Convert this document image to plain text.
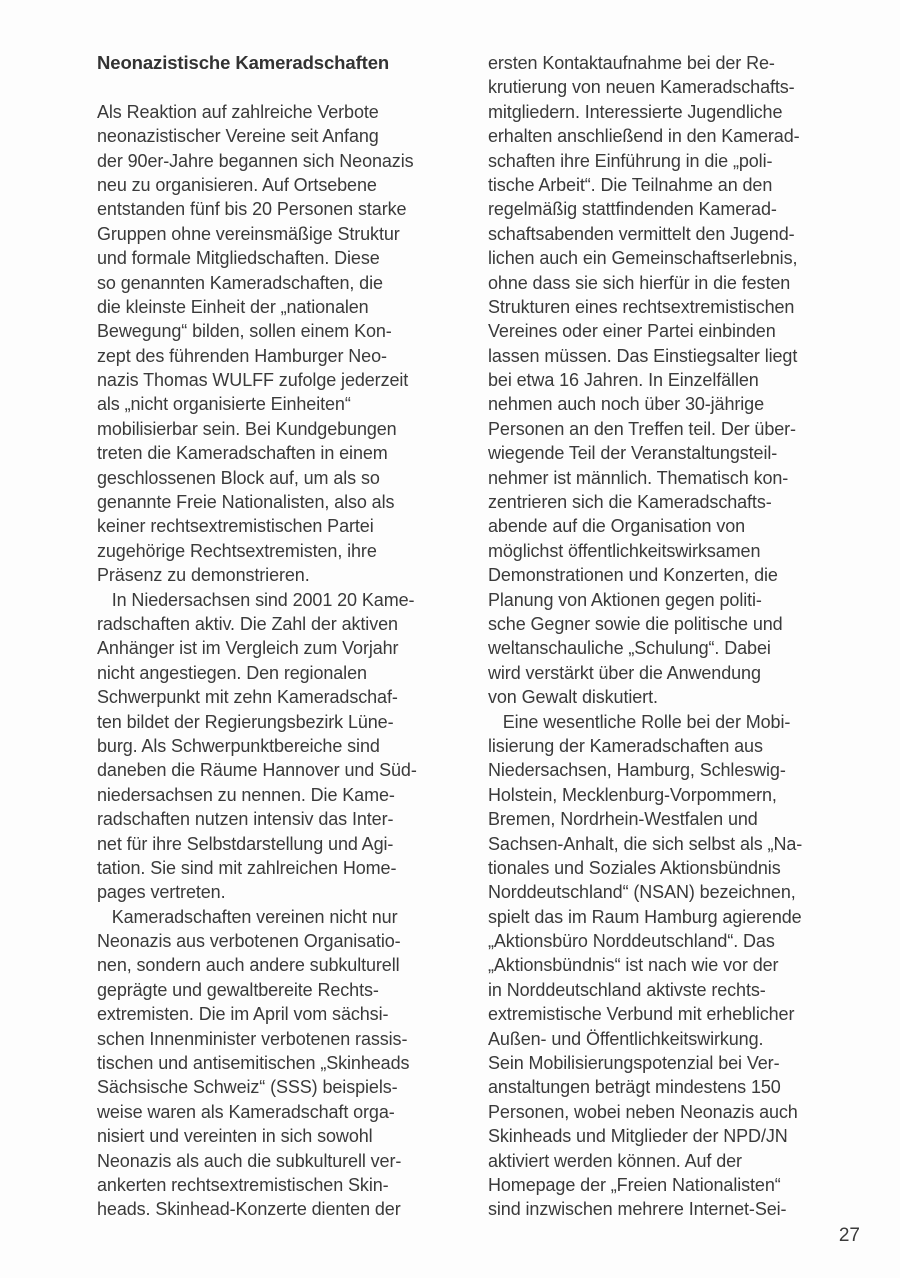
Neonazistische Kameradschaften
Als Reaktion auf zahlreiche Verbote
neonazistischer Vereine seit Anfang
der 90er-Jahre begannen sich Neonazis
neu zu organisieren. Auf Ortsebene
entstanden fünf bis 20 Personen starke
Gruppen ohne vereinsmäßige Struktur
und formale Mitgliedschaften. Diese
so genannten Kameradschaften, die
die kleinste Einheit der „nationalen
Bewegung“ bilden, sollen einem Kon-
zept des führenden Hamburger Neo-
nazis Thomas WULFF zufolge jederzeit
als „nicht organisierte Einheiten“
mobilisierbar sein. Bei Kundgebungen
treten die Kameradschaften in einem
geschlossenen Block auf, um als so
genannte Freie Nationalisten, also als
keiner rechtsextremistischen Partei
zugehörige Rechtsextremisten, ihre
Präsenz zu demonstrieren.
In Niedersachsen sind 2001 20 Kame-
radschaften aktiv. Die Zahl der aktiven
Anhänger ist im Vergleich zum Vorjahr
nicht angestiegen. Den regionalen
Schwerpunkt mit zehn Kameradschaf-
ten bildet der Regierungsbezirk Lüne-
burg. Als Schwerpunktbereiche sind
daneben die Räume Hannover und Süd-
niedersachsen zu nennen. Die Kame-
radschaften nutzen intensiv das Inter-
net für ihre Selbstdarstellung und Agi-
tation. Sie sind mit zahlreichen Home-
pages vertreten.
Kameradschaften vereinen nicht nur
Neonazis aus verbotenen Organisatio-
nen, sondern auch andere subkulturell
geprägte und gewaltbereite Rechts-
extremisten. Die im April vom sächsi-
schen Innenminister verbotenen rassis-
tischen und antisemitischen „Skinheads
Sächsische Schweiz“ (SSS) beispiels-
weise waren als Kameradschaft orga-
nisiert und vereinten in sich sowohl
Neonazis als auch die subkulturell ver-
ankerten rechtsextremistischen Skin-
heads. Skinhead-Konzerte dienten der
ersten Kontaktaufnahme bei der Re-
krutierung von neuen Kameradschafts-
mitgliedern. Interessierte Jugendliche
erhalten anschließend in den Kamerad-
schaften ihre Einführung in die „poli-
tische Arbeit“. Die Teilnahme an den
regelmäßig stattfindenden Kamerad-
schaftsabenden vermittelt den Jugend-
lichen auch ein Gemeinschaftserlebnis,
ohne dass sie sich hierfür in die festen
Strukturen eines rechtsextremistischen
Vereines oder einer Partei einbinden
lassen müssen. Das Einstiegsalter liegt
bei etwa 16 Jahren. In Einzelfällen
nehmen auch noch über 30-jährige
Personen an den Treffen teil. Der über-
wiegende Teil der Veranstaltungsteil-
nehmer ist männlich. Thematisch kon-
zentrieren sich die Kameradschafts-
abende auf die Organisation von
möglichst öffentlichkeitswirksamen
Demonstrationen und Konzerten, die
Planung von Aktionen gegen politi-
sche Gegner sowie die politische und
weltanschauliche „Schulung“. Dabei
wird verstärkt über die Anwendung
von Gewalt diskutiert.
Eine wesentliche Rolle bei der Mobi-
lisierung der Kameradschaften aus
Niedersachsen, Hamburg, Schleswig-
Holstein, Mecklenburg-Vorpommern,
Bremen, Nordrhein-Westfalen und
Sachsen-Anhalt, die sich selbst als „Na-
tionales und Soziales Aktionsbündnis
Norddeutschland“ (NSAN) bezeichnen,
spielt das im Raum Hamburg agierende
„Aktionsbüro Norddeutschland“. Das
„Aktionsbündnis“ ist nach wie vor der
in Norddeutschland aktivste rechts-
extremistische Verbund mit erheblicher
Außen- und Öffentlichkeitswirkung.
Sein Mobilisierungspotenzial bei Ver-
anstaltungen beträgt mindestens 150
Personen, wobei neben Neonazis auch
Skinheads und Mitglieder der NPD/JN
aktiviert werden können. Auf der
Homepage der „Freien Nationalisten“
sind inzwischen mehrere Internet-Sei-
27
